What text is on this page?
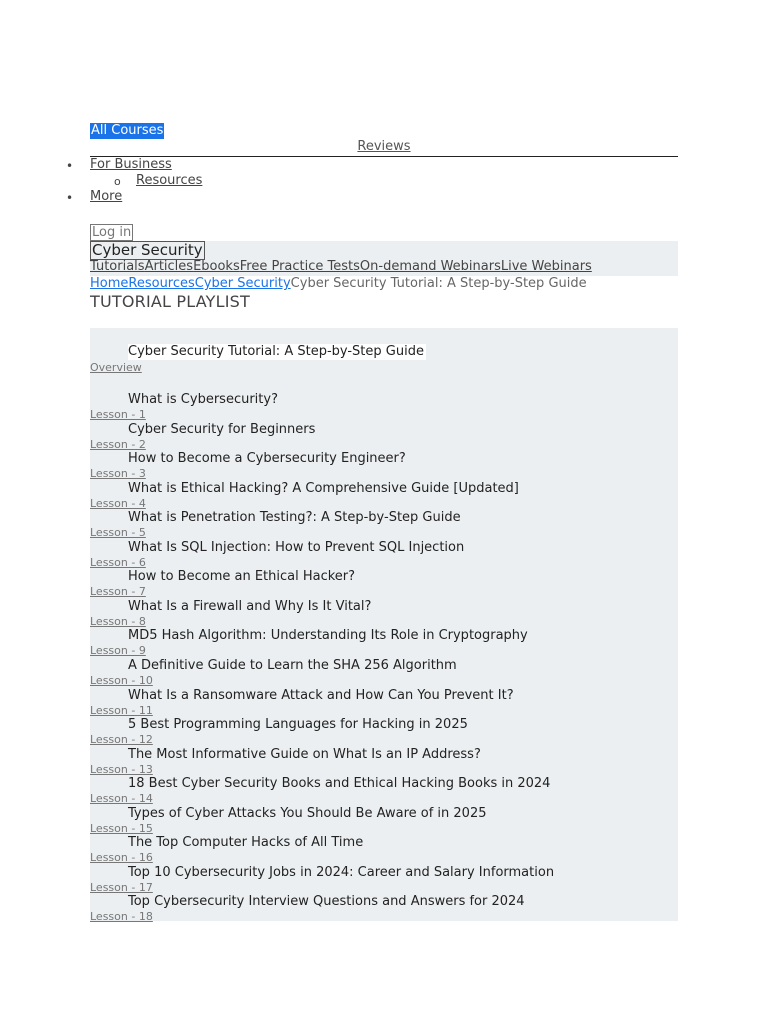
All Courses
Reviews
• For Business
o Resources
• More
Log in
Cyber Security
TutorialsArticlesEbooksFree Practice TestsOn-demand WebinarsLive Webinars
HomeResourcesCyber SecurityCyber Security Tutorial: A Step-by-Step Guide
TUTORIAL PLAYLIST
Cyber Security Tutorial: A Step-by-Step Guide
Overview
What is Cybersecurity?
Lesson - 1
Cyber Security for Beginners
Lesson - 2
How to Become a Cybersecurity Engineer?
Lesson - 3
What is Ethical Hacking? A Comprehensive Guide [Updated]
Lesson - 4
What is Penetration Testing?: A Step-by-Step Guide
Lesson - 5
What Is SQL Injection: How to Prevent SQL Injection
Lesson - 6
How to Become an Ethical Hacker?
Lesson - 7
What Is a Firewall and Why Is It Vital?
Lesson - 8
MD5 Hash Algorithm: Understanding Its Role in Cryptography
Lesson - 9
A Definitive Guide to Learn the SHA 256 Algorithm
Lesson - 10
What Is a Ransomware Attack and How Can You Prevent It?
Lesson - 11
5 Best Programming Languages for Hacking in 2025
Lesson - 12
The Most Informative Guide on What Is an IP Address?
Lesson - 13
18 Best Cyber Security Books and Ethical Hacking Books in 2024
Lesson - 14
Types of Cyber Attacks You Should Be Aware of in 2025
Lesson - 15
The Top Computer Hacks of All Time
Lesson - 16
Top 10 Cybersecurity Jobs in 2024: Career and Salary Information
Lesson - 17
Top Cybersecurity Interview Questions and Answers for 2024
Lesson - 18
